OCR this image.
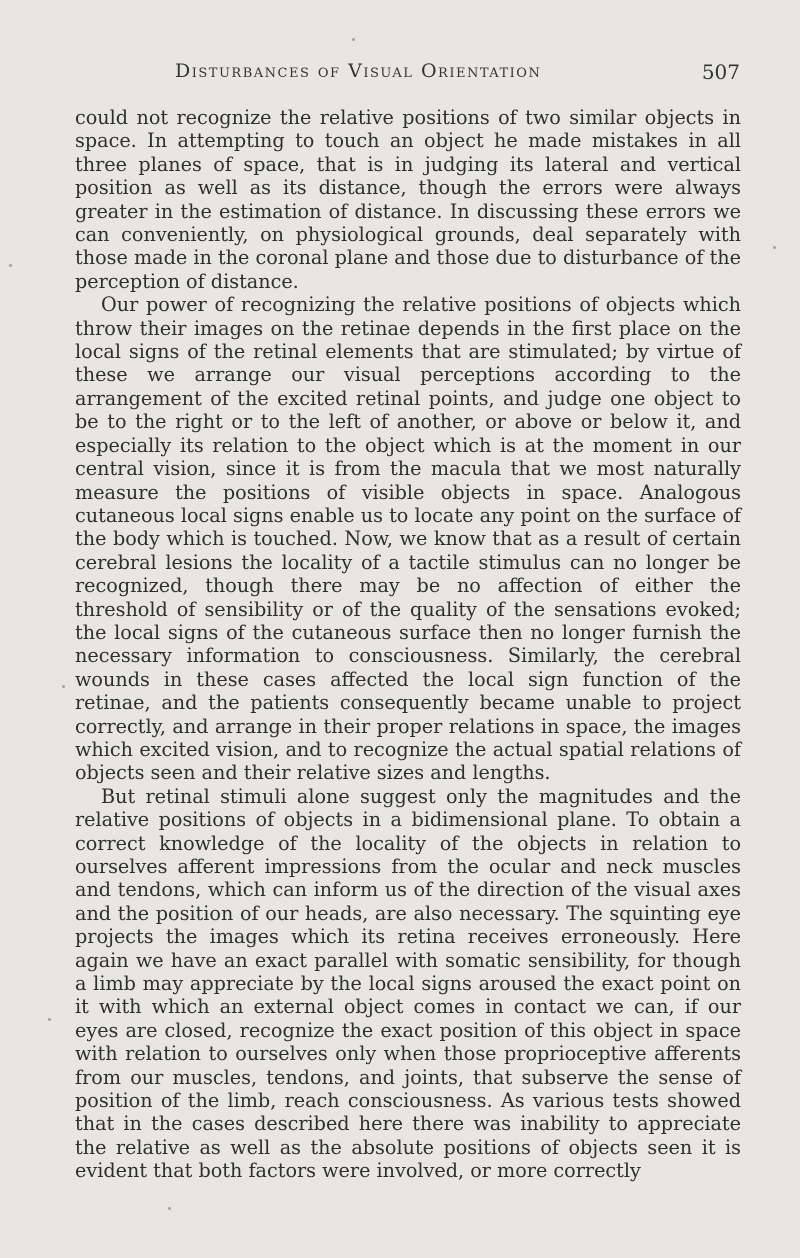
Disturbances of Visual Orientation	507

could not recognize the relative positions of two similar objects in space. In attempting to touch an object he made mistakes in all three planes of space, that is in judging its lateral and vertical position as well as its distance, though the errors were always greater in the estimation of distance. In discussing these errors we can conveniently, on physiological grounds, deal separately with those made in the coronal plane and those due to disturbance of the perception of distance.

Our power of recognizing the relative positions of objects which throw their images on the retinae depends in the first place on the local signs of the retinal elements that are stimulated; by virtue of these we arrange our visual perceptions according to the arrangement of the excited retinal points, and judge one object to be to the right or to the left of another, or above or below it, and especially its relation to the object which is at the moment in our central vision, since it is from the macula that we most naturally measure the positions of visible objects in space. Analogous cutaneous local signs enable us to locate any point on the surface of the body which is touched. Now, we know that as a result of certain cerebral lesions the locality of a tactile stimulus can no longer be recognized, though there may be no affection of either the threshold of sensibility or of the quality of the sensations evoked; the local signs of the cutaneous surface then no longer furnish the necessary information to consciousness. Similarly, the cerebral wounds in these cases affected the local sign function of the retinae, and the patients consequently became unable to project correctly, and arrange in their proper relations in space, the images which excited vision, and to recognize the actual spatial relations of objects seen and their relative sizes and lengths.

But retinal stimuli alone suggest only the magnitudes and the relative positions of objects in a bidimensional plane. To obtain a correct knowledge of the locality of the objects in relation to ourselves afferent impressions from the ocular and neck muscles and tendons, which can inform us of the direction of the visual axes and the position of our heads, are also necessary. The squinting eye projects the images which its retina receives erroneously. Here again we have an exact parallel with somatic sensibility, for though a limb may appreciate by the local signs aroused the exact point on it with which an external object comes in contact we can, if our eyes are closed, recognize the exact position of this object in space with relation to ourselves only when those proprioceptive afferents from our muscles, tendons, and joints, that subserve the sense of position of the limb, reach consciousness. As various tests showed that in the cases described here there was inability to appreciate the relative as well as the absolute positions of objects seen it is evident that both factors were involved, or more correctly
